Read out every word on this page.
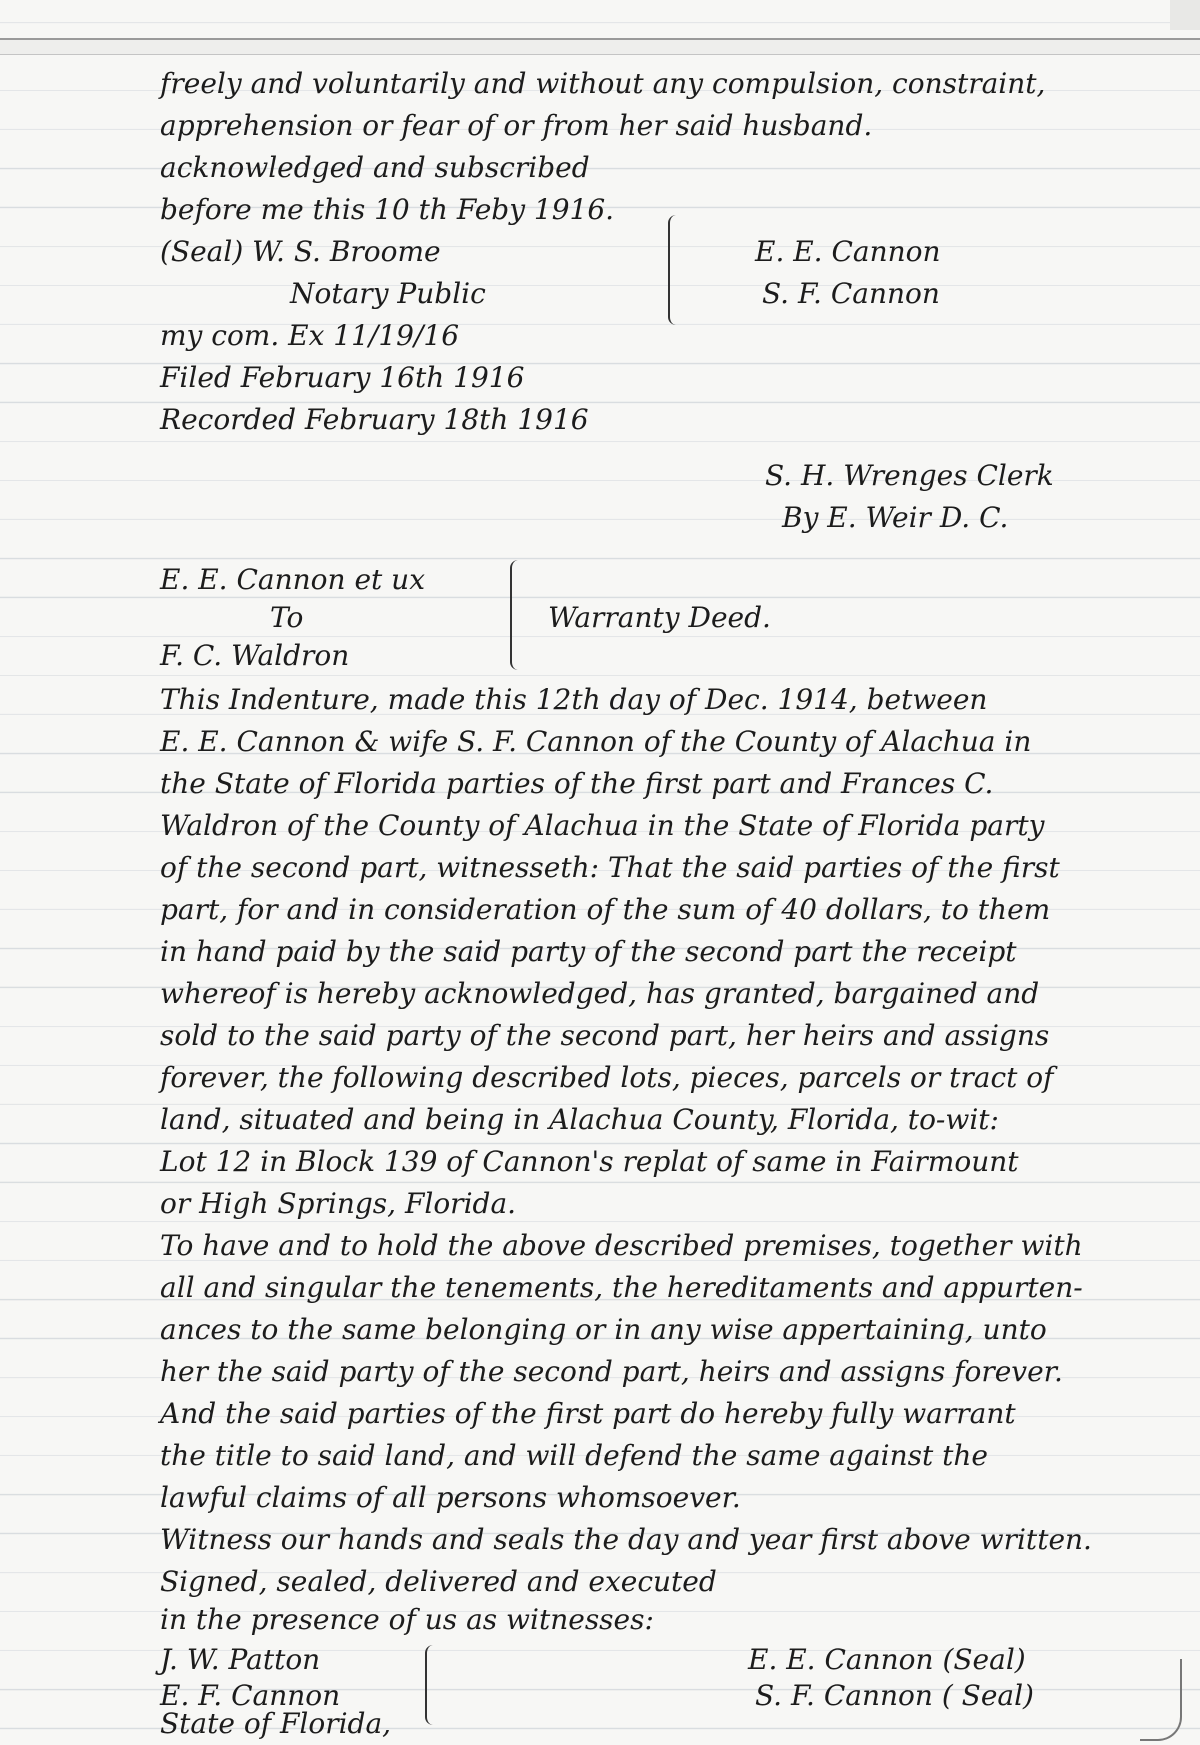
freely and voluntarily and without any compulsion, constraint,
apprehension or fear of or from her said husband.
acknowledged and subscribed
before me this 10 th Feby 1916.
(Seal) W. S. Broome
Notary Public
my com. Ex 11/19/16
Filed February 16th 1916
Recorded February 18th 1916
E. E. Cannon
S. F. Cannon
S. H. Wrenges Clerk
By E. Weir D. C.
E. E. Cannon et ux
To
F. C. Waldron
Warranty Deed.
This Indenture, made this 12th day of Dec. 1914, between
E. E. Cannon & wife S. F. Cannon of the County of Alachua in
the State of Florida parties of the first part and Frances C.
Waldron of the County of Alachua in the State of Florida party
of the second part, witnesseth: That the said parties of the first
part, for and in consideration of the sum of 40 dollars, to them
in hand paid by the said party of the second part the receipt
whereof is hereby acknowledged, has granted, bargained and
sold to the said party of the second part, her heirs and assigns
forever, the following described lots, pieces, parcels or tract of
land, situated and being in Alachua County, Florida, to-wit:
Lot 12 in Block 139 of Cannon's replat of same in Fairmount
or High Springs, Florida.
To have and to hold the above described premises, together with
all and singular the tenements, the hereditaments and appurten-
ances to the same belonging or in any wise appertaining, unto
her the said party of the second part, heirs and assigns forever.
And the said parties of the first part do hereby fully warrant
the title to said land, and will defend the same against the
lawful claims of all persons whomsoever.
Witness our hands and seals the day and year first above written.
Signed, sealed, delivered and executed
in the presence of us as witnesses:
J. W. Patton
E. F. Cannon
State of Florida,
E. E. Cannon (Seal)
S. F. Cannon ( Seal)
